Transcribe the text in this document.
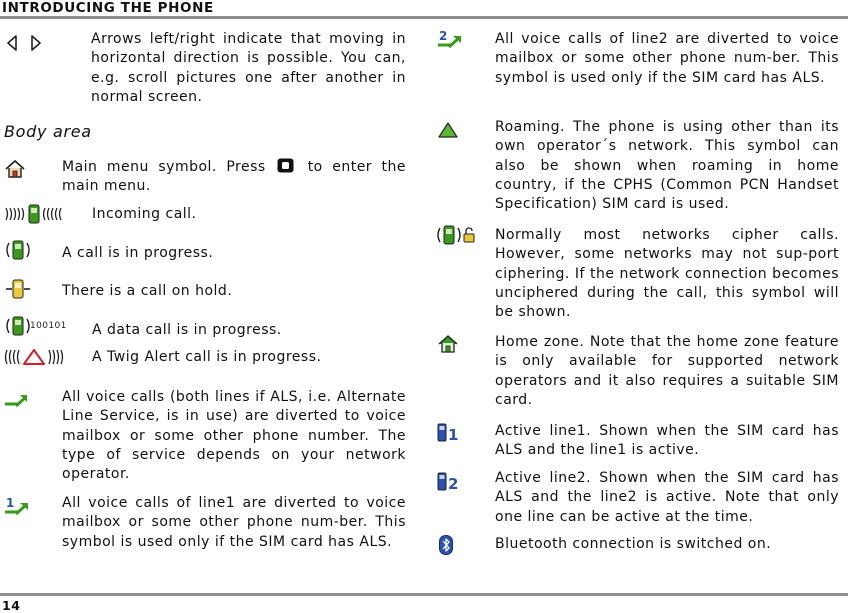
INTRODUCING THE PHONE
Arrows left/right indicate that moving in horizontal direction is possible. You can, e.g. scroll pictures one after another in normal screen.
Body area
Main menu symbol. Press	to enter the main menu.
Incoming call.
A call is in progress.
There is a call on hold.
100101 A data call is in progress.
A Twig Alert call is in progress.
All voice calls (both lines if ALS, i.e. Alternate Line Service, is in use) are diverted to voice mailbox or some other phone number. The type of service depends on your network operator.
1	All voice calls of line1 are diverted to voice mailbox or some other phone num-ber. This symbol is used only if the SIM card has ALS.
2	All voice calls of line2 are diverted to voice mailbox or some other phone num-ber. This symbol is used only if the SIM card has ALS.
Roaming. The phone is using other than its own operator´s network. This symbol can also be shown when roaming in home country, if the CPHS (Common PCN Handset Specification) SIM card is used.
Normally most networks cipher calls. However, some networks may not sup-port ciphering. If the network connection becomes unciphered during the call, this symbol will be shown.
Home zone. Note that the home zone feature is only available for supported network operators and it also requires a suitable SIM card.
1	Active line1. Shown when the SIM card has ALS and the line1 is active.
2	Active line2. Shown when the SIM card has ALS and the line2 is active. Note that only one line can be active at the time.
Bluetooth connection is switched on.
14
